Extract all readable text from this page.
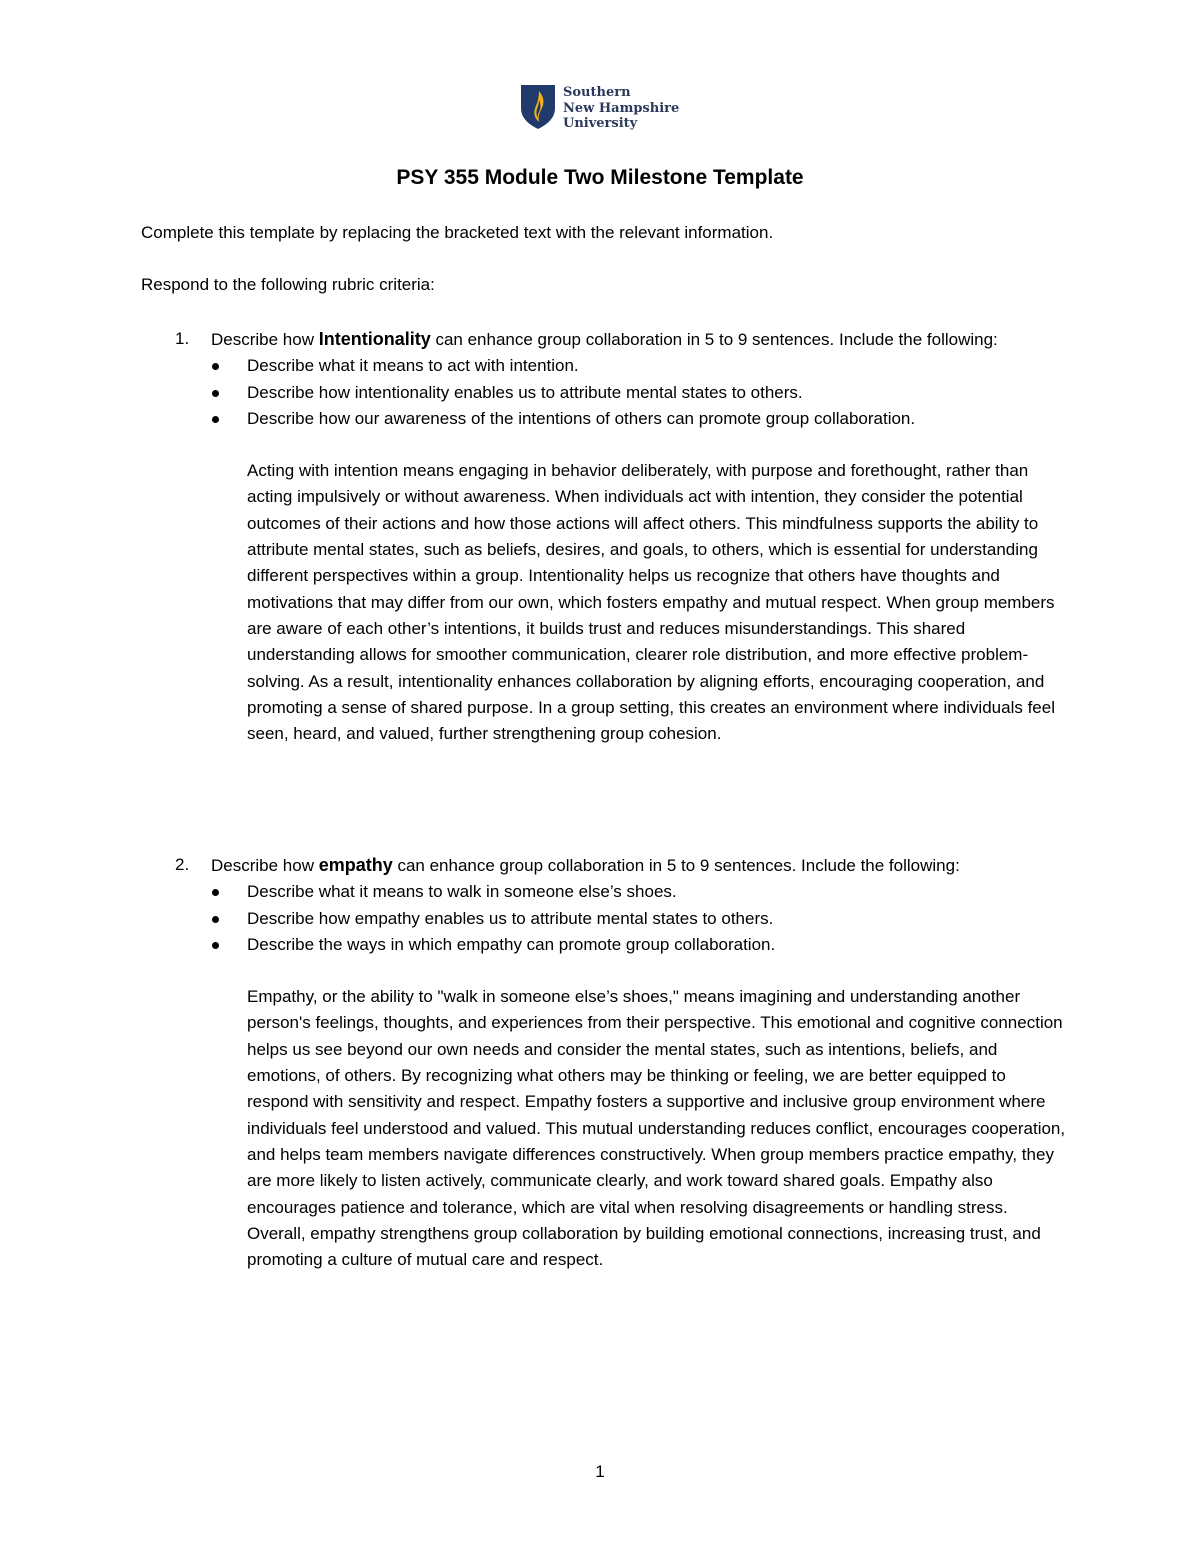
Southern
New Hampshire
University
PSY 355 Module Two Milestone Template
Complete this template by replacing the bracketed text with the relevant information.
Respond to the following rubric criteria:
1. Describe how Intentionality can enhance group collaboration in 5 to 9 sentences. Include the following:
Describe what it means to act with intention.
Describe how intentionality enables us to attribute mental states to others.
Describe how our awareness of the intentions of others can promote group collaboration.
Acting with intention means engaging in behavior deliberately, with purpose and forethought, rather than acting impulsively or without awareness. When individuals act with intention, they consider the potential outcomes of their actions and how those actions will affect others. This mindfulness supports the ability to attribute mental states, such as beliefs, desires, and goals, to others, which is essential for understanding different perspectives within a group. Intentionality helps us recognize that others have thoughts and motivations that may differ from our own, which fosters empathy and mutual respect. When group members are aware of each other’s intentions, it builds trust and reduces misunderstandings. This shared understanding allows for smoother communication, clearer role distribution, and more effective problem-solving. As a result, intentionality enhances collaboration by aligning efforts, encouraging cooperation, and promoting a sense of shared purpose. In a group setting, this creates an environment where individuals feel seen, heard, and valued, further strengthening group cohesion.
2. Describe how empathy can enhance group collaboration in 5 to 9 sentences. Include the following:
Describe what it means to walk in someone else’s shoes.
Describe how empathy enables us to attribute mental states to others.
Describe the ways in which empathy can promote group collaboration.
Empathy, or the ability to "walk in someone else’s shoes," means imagining and understanding another person's feelings, thoughts, and experiences from their perspective. This emotional and cognitive connection helps us see beyond our own needs and consider the mental states, such as intentions, beliefs, and emotions, of others. By recognizing what others may be thinking or feeling, we are better equipped to respond with sensitivity and respect. Empathy fosters a supportive and inclusive group environment where individuals feel understood and valued. This mutual understanding reduces conflict, encourages cooperation, and helps team members navigate differences constructively. When group members practice empathy, they are more likely to listen actively, communicate clearly, and work toward shared goals. Empathy also encourages patience and tolerance, which are vital when resolving disagreements or handling stress. Overall, empathy strengthens group collaboration by building emotional connections, increasing trust, and promoting a culture of mutual care and respect.
1
